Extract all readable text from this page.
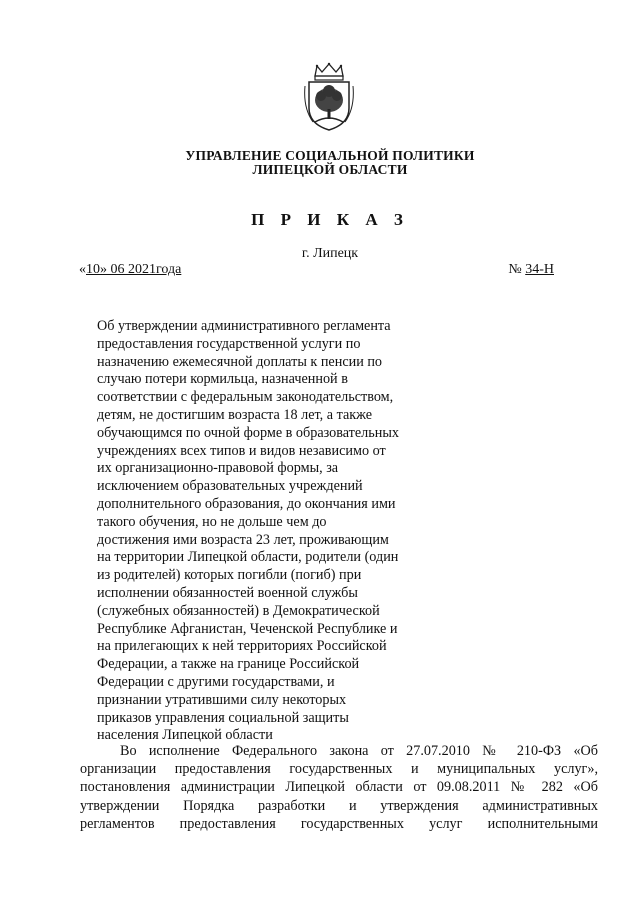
УПРАВЛЕНИЕ СОЦИАЛЬНОЙ ПОЛИТИКИ
ЛИПЕЦКОЙ ОБЛАСТИ
П Р И К А З
г. Липецк
«10» 06 2021года	№ 34-Н
Об утверждении административного регламента
предоставления государственной услуги по
назначению ежемесячной доплаты к пенсии по
случаю потери кормильца, назначенной в
соответствии с федеральным законодательством,
детям, не достигшим возраста 18 лет, а также
обучающимся по очной форме в образовательных
учреждениях всех типов и видов независимо от
их организационно-правовой формы, за
исключением образовательных учреждений
дополнительного образования, до окончания ими
такого обучения, но не дольше чем до
достижения ими возраста 23 лет, проживающим
на территории Липецкой области, родители (один
из родителей) которых погибли (погиб) при
исполнении обязанностей военной службы
(служебных обязанностей) в Демократической
Республике Афганистан, Чеченской Республике и
на прилегающих к ней территориях Российской
Федерации, а также на границе Российской
Федерации с другими государствами, и
признании утратившими силу некоторых
приказов управления социальной защиты
населения Липецкой области
Во исполнение Федерального закона от 27.07.2010 № 210-ФЗ «Об
организации предоставления государственных и муниципальных услуг»,
постановления администрации Липецкой области от 09.08.2011 № 282 «Об
утверждении Порядка разработки и утверждения административных
регламентов предоставления государственных услуг исполнительными
